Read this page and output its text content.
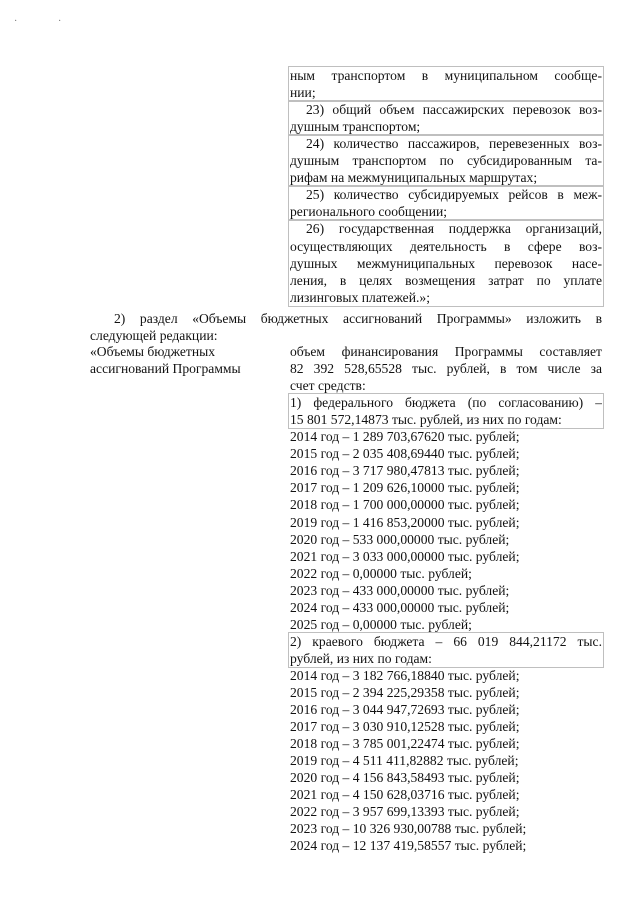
·	·
ным транспортом в муниципальном сообще-
нии;
23) общий объем пассажирских перевозок воз-
душным транспортом;
24) количество пассажиров, перевезенных воз-
душным транспортом по субсидированным та-
рифам на межмуниципальных маршрутах;
25) количество субсидируемых рейсов в меж-
регионального сообщении;
26) государственная поддержка организаций,
осуществляющих деятельность в сфере воз-
душных межмуниципальных перевозок насе-
ления, в целях возмещения затрат по уплате
лизинговых платежей.»;
2) раздел «Объемы бюджетных ассигнований Программы» изложить в
следующей редакции:
«Объемы бюджетных
ассигнований Программы
объем финансирования Программы составляет
82 392 528,65528 тыс. рублей, в том числе за
счет средств:
1) федерального бюджета (по согласованию) –
15 801 572,14873 тыс. рублей, из них по годам:
2014 год – 1 289 703,67620 тыс. рублей;
2015 год – 2 035 408,69440 тыс. рублей;
2016 год – 3 717 980,47813 тыс. рублей;
2017 год – 1 209 626,10000 тыс. рублей;
2018 год – 1 700 000,00000 тыс. рублей;
2019 год – 1 416 853,20000 тыс. рублей;
2020 год – 533 000,00000 тыс. рублей;
2021 год – 3 033 000,00000 тыс. рублей;
2022 год – 0,00000 тыс. рублей;
2023 год – 433 000,00000 тыс. рублей;
2024 год – 433 000,00000 тыс. рублей;
2025 год – 0,00000 тыс. рублей;
2) краевого бюджета – 66 019 844,21172 тыс.
рублей, из них по годам:
2014 год – 3 182 766,18840 тыс. рублей;
2015 год – 2 394 225,29358 тыс. рублей;
2016 год – 3 044 947,72693 тыс. рублей;
2017 год – 3 030 910,12528 тыс. рублей;
2018 год – 3 785 001,22474 тыс. рублей;
2019 год – 4 511 411,82882 тыс. рублей;
2020 год – 4 156 843,58493 тыс. рублей;
2021 год – 4 150 628,03716 тыс. рублей;
2022 год – 3 957 699,13393 тыс. рублей;
2023 год – 10 326 930,00788 тыс. рублей;
2024 год – 12 137 419,58557 тыс. рублей;
